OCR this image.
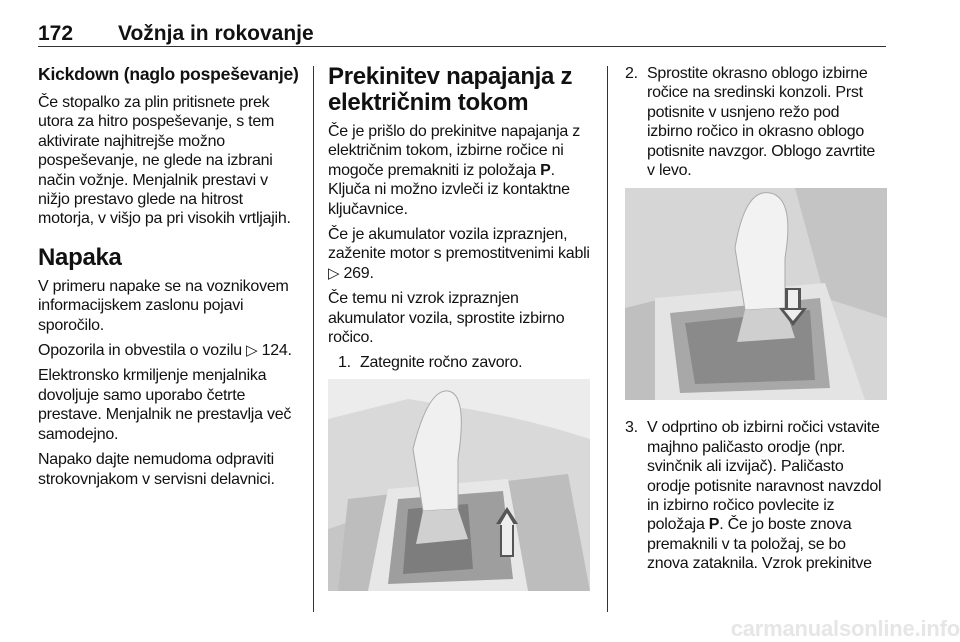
172 Vožnja in rokovanje
Kickdown (naglo pospeševanje)

Če stopalko za plin pritisnete prek utora za hitro pospeševanje, s tem aktivirate najhitrejše možno pospeševanje, ne glede na izbrani način vožnje. Menjalnik prestavi v nižjo prestavo glede na hitrost motorja, v višjo pa pri visokih vrtljajih.

Napaka

V primeru napake se na voznikovem informacijskem zaslonu pojavi sporočilo.

Opozorila in obvestila o vozilu ▷ 124.

Elektronsko krmiljenje menjalnika dovoljuje samo uporabo četrte prestave. Menjalnik ne prestavlja več samodejno.

Napako dajte nemudoma odpraviti strokovnjakom v servisni delavnici.

Prekinitev napajanja z električnim tokom

Če je prišlo do prekinitve napajanja z električnim tokom, izbirne ročice ni mogoče premakniti iz položaja P. Ključa ni možno izvleči iz kontaktne ključavnice.

Če je akumulator vozila izpraznjen, zaženite motor s premostitvenimi kabli ▷ 269.

Če temu ni vzrok izpraznjen akumulator vozila, sprostite izbirno ročico.

1. Zategnite ročno zavoro.
2. Sprostite okrasno oblogo izbirne ročice na sredinski konzoli. Prst potisnite v usnjeno režo pod izbirno ročico in okrasno oblogo potisnite navzgor. Oblogo zavrtite v levo.
3. V odprtino ob izbirni ročici vstavite majhno paličasto orodje (npr. svinčnik ali izvijač). Paličasto orodje potisnite naravnost navzdol in izbirno ročico povlecite iz položaja P. Če jo boste znova premaknili v ta položaj, se bo znova zataknila. Vzrok prekinitve
carmanualsonline.info
